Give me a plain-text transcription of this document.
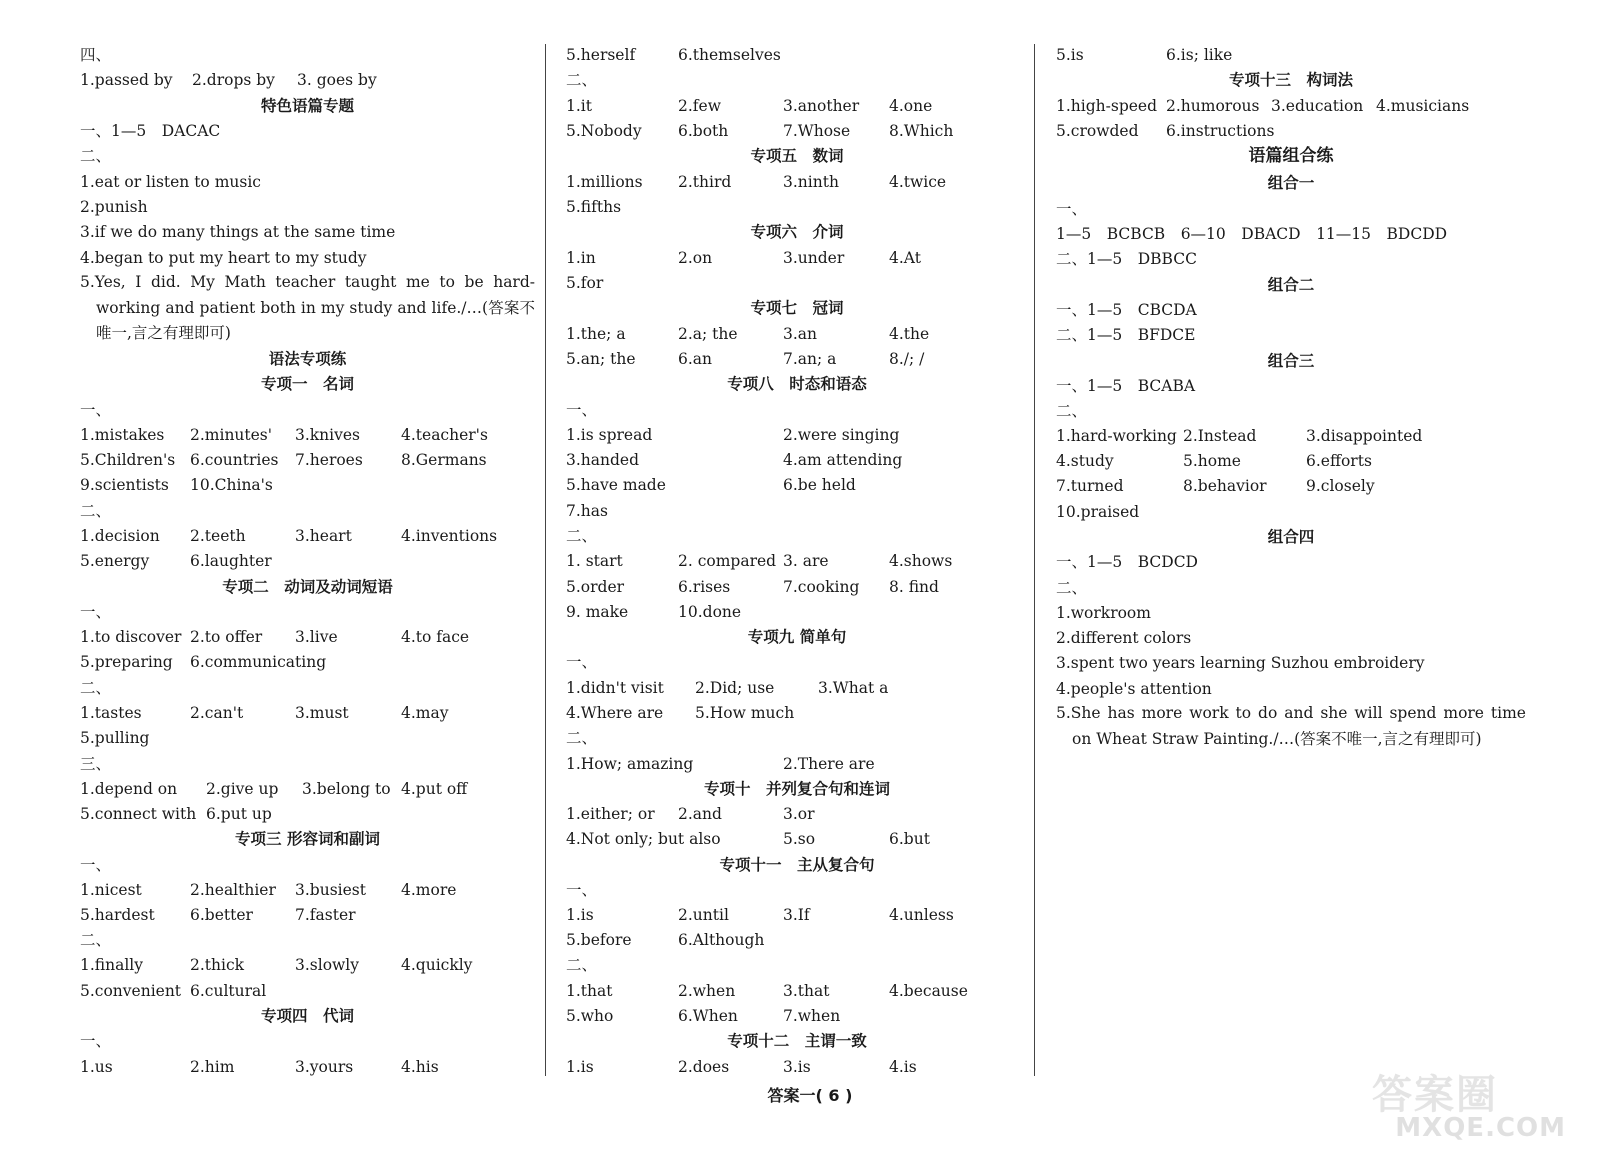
四、
1.passed by 2.drops by 3. goes by
特色语篇专题
一、1—5　DACAC
二、
1.eat or listen to music
2.punish
3.if we do many things at the same time
4.began to put my heart to my study
5.Yes, I did. My Math teacher taught me to be hard-working and patient both in my study and life./…(答案不唯一,言之有理即可)
语法专项练
专项一　名词
一、
1.mistakes 2.minutes' 3.knives	4.teacher's
5.Children's 6.countries 7.heroes 8.Germans
9.scientists 10.China's
二、
1.decision 2.teeth	3.heart	4.inventions
5.energy	6.laughter
专项二　动词及动词短语
一、
1.to discover 2.to offer 3.live	4.to face
5.preparing 6.communicating
二、
1.tastes	2.can't	3.must	4.may
5.pulling
三、
1.depend on 2.give up 3.belong to 4.put off
5.connect with 6.put up
专项三 形容词和副词
一、
1.nicest	2.healthier 3.busiest 4.more
5.hardest 6.better	7.faster
二、
1.finally	2.thick	3.slowly	4.quickly
5.convenient 6.cultural
专项四　代词
一、
1.us	2.him	3.yours	4.his
5.herself	6.themselves
二、
1.it	2.few	3.another 4.one
5.Nobody 6.both	7.Whose	8.Which
专项五　数词
1.millions 2.third	3.ninth	4.twice
5.fifths
专项六　介词
1.in	2.on	3.under	4.At
5.for
专项七　冠词
1.the; a	2.a; the	3.an	4.the
5.an; the	6.an	7.an; a	8./; /
专项八　时态和语态
一、
1.is spread	2.were singing
3.handed	4.am attending
5.have made	6.be held
7.has
二、
1. start	2. compared 3. are	4.shows
5.order	6.rises	7.cooking 8. find
9. make	10.done
专项九 简单句
一、
1.didn't visit 2.Did; use	3.What a
4.Where are 5.How much
二、
1.How; amazing	2.There are
专项十　并列复合句和连词
1.either; or 2.and	3.or
4.Not only; but also	5.so	6.but
专项十一　主从复合句
一、
1.is	2.until	3.If	4.unless
5.before	6.Although
二、
1.that	2.when	3.that	4.because
5.who	6.When	7.when
专项十二　主谓一致
1.is	2.does	3.is	4.is
5.is	6.is; like
专项十三　构词法
1.high-speed 2.humorous 3.education 4.musicians
5.crowded 6.instructions
语篇组合练
组合一
一、
1—5　BCBCB　6—10　DBACD　11—15　BDCDD
二、1—5　DBBCC
组合二
一、1—5　CBCDA
二、1—5　BFDCE
组合三
一、1—5　BCABA
二、
1.hard-working 2.Instead	3.disappointed
4.study	5.home	6.efforts
7.turned	8.behavior	9.closely
10.praised
组合四
一、1—5　BCDCD
二、
1.workroom
2.different colors
3.spent two years learning Suzhou embroidery
4.people's attention
5.She has more work to do and she will spend more time on Wheat Straw Painting./…(答案不唯一,言之有理即可)
答案一( 6 )	答案圈
MXQE.COM
